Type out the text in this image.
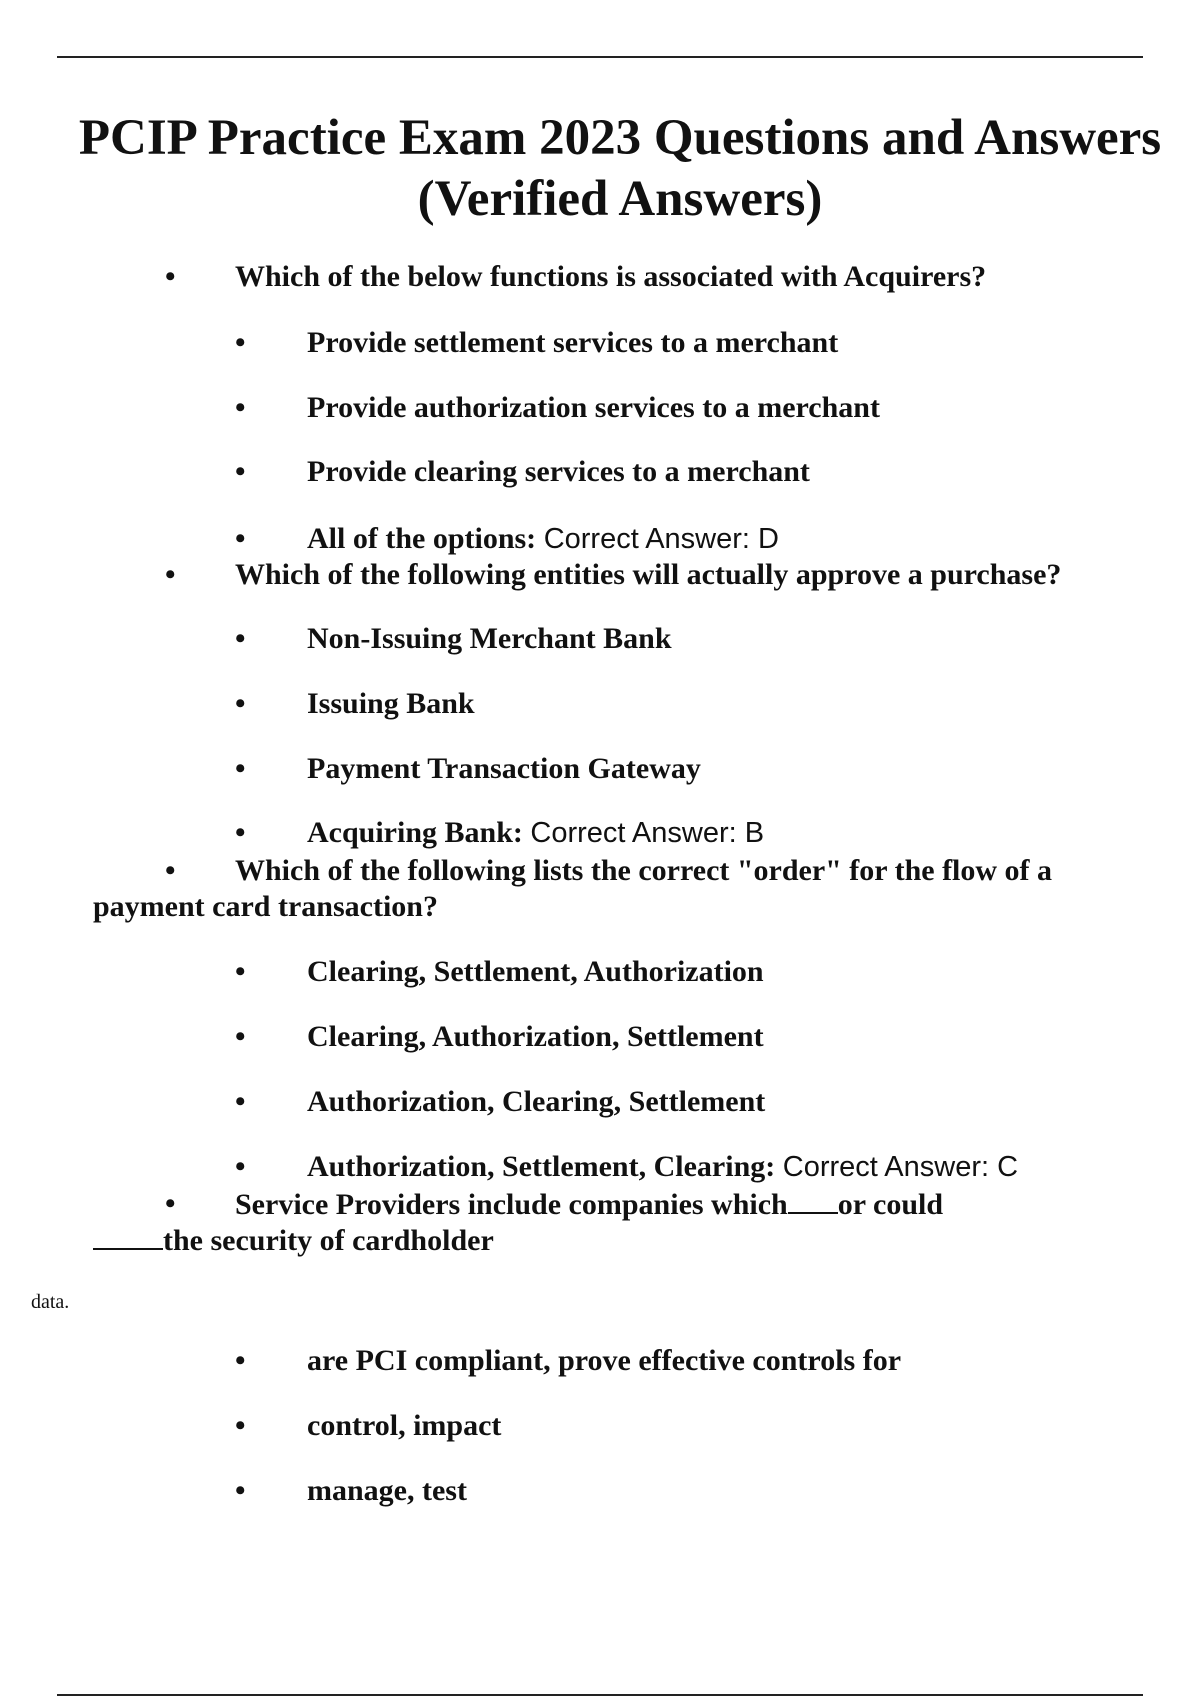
PCIP Practice Exam 2023 Questions and Answers
(Verified Answers)
• Which of the below functions is associated with Acquirers?
• Provide settlement services to a merchant
• Provide authorization services to a merchant
• Provide clearing services to a merchant
• All of the options: Correct Answer: D
• Which of the following entities will actually approve a purchase?
• Non-Issuing Merchant Bank
• Issuing Bank
• Payment Transaction Gateway
• Acquiring Bank: Correct Answer: B
• Which of the following lists the correct "order" for the flow of a
payment card transaction?
• Clearing, Settlement, Authorization
• Clearing, Authorization, Settlement
• Authorization, Clearing, Settlement
• Authorization, Settlement, Clearing: Correct Answer: C
• Service Providers include companies which or could
the security of cardholder
data.
• are PCI compliant, prove effective controls for
• control, impact
• manage, test
